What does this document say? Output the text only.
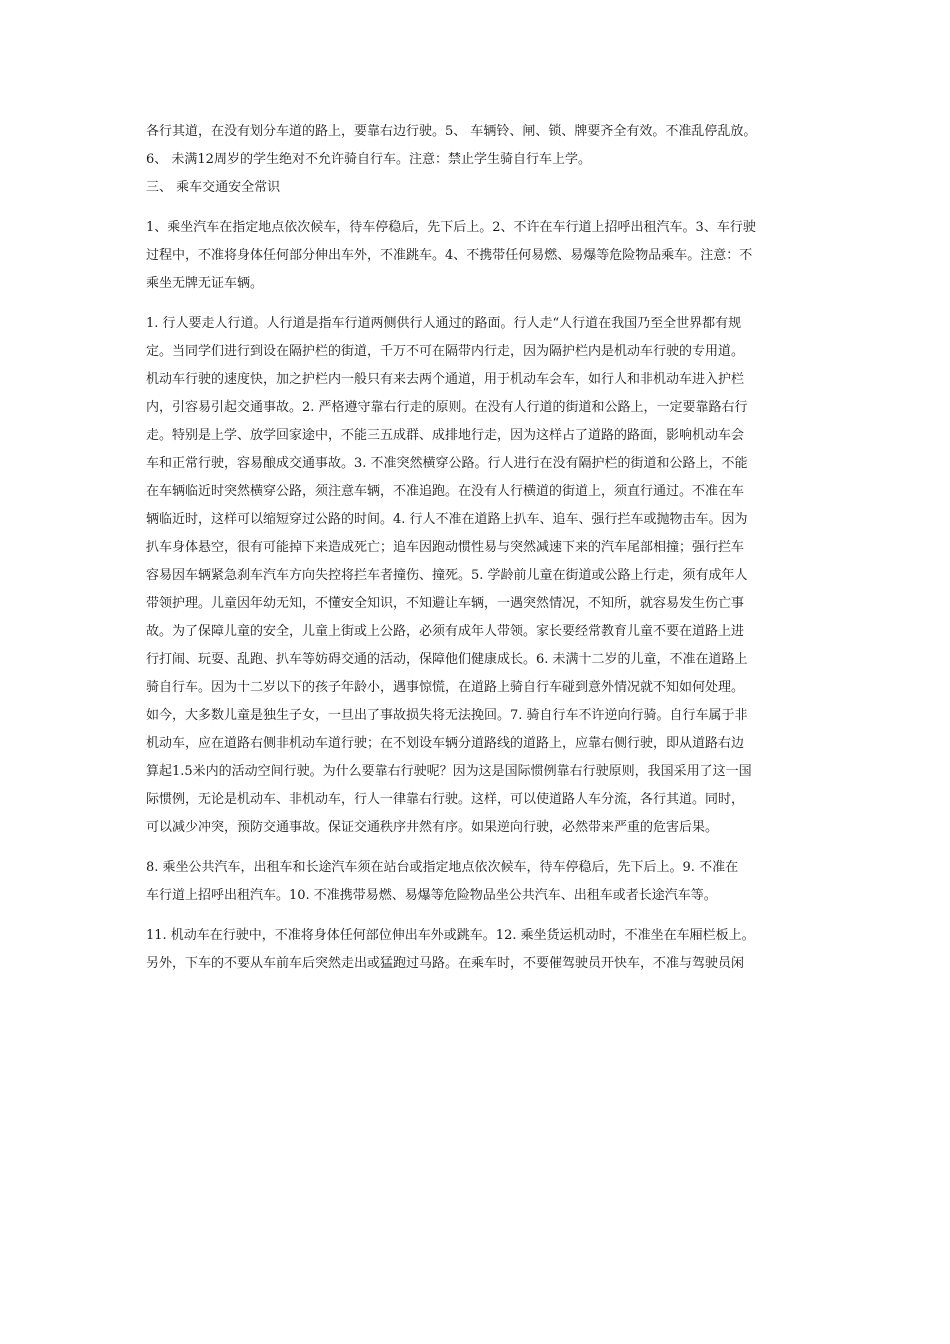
各行其道，在没有划分车道的路上，要靠右边行驶。5、 车辆铃、闸、锁、牌要齐全有效。不准乱停乱放。
6、 未满12周岁的学生绝对不允许骑自行车。注意：禁止学生骑自行车上学。

三、 乘车交通安全常识

1、乘坐汽车在指定地点依次候车，待车停稳后，先下后上。2、不许在车行道上招呼出租汽车。3、车行驶
过程中，不准将身体任何部分伸出车外，不准跳车。4、不携带任何易燃、易爆等危险物品乘车。注意：不
乘坐无牌无证车辆。

1. 行人要走人行道。人行道是指车行道两侧供行人通过的路面。行人走“人行道在我国乃至全世界都有规
定。当同学们进行到设在隔护栏的街道，千万不可在隔带内行走，因为隔护栏内是机动车行驶的专用道。
机动车行驶的速度快，加之护栏内一般只有来去两个通道，用于机动车会车，如行人和非机动车进入护栏
内，引容易引起交通事故。2. 严格遵守靠右行走的原则。在没有人行道的街道和公路上，一定要靠路右行
走。特别是上学、放学回家途中，不能三五成群、成排地行走，因为这样占了道路的路面，影响机动车会
车和正常行驶，容易酿成交通事故。3. 不准突然横穿公路。行人进行在没有隔护栏的街道和公路上，不能
在车辆临近时突然横穿公路，须注意车辆，不准追跑。在没有人行横道的街道上，须直行通过。不准在车
辆临近时，这样可以缩短穿过公路的时间。4. 行人不准在道路上扒车、追车、强行拦车或抛物击车。因为
扒车身体悬空，很有可能掉下来造成死亡；追车因跑动惯性易与突然减速下来的汽车尾部相撞；强行拦车
容易因车辆紧急刹车汽车方向失控将拦车者撞伤、撞死。5. 学龄前儿童在街道或公路上行走，须有成年人
带领护理。儿童因年幼无知，不懂安全知识，不知避让车辆，一遇突然情况，不知所，就容易发生伤亡事
故。为了保障儿童的安全，儿童上街或上公路，必须有成年人带领。家长要经常教育儿童不要在道路上进
行打闹、玩耍、乱跑、扒车等妨碍交通的活动，保障他们健康成长。6. 未满十二岁的儿童，不准在道路上
骑自行车。因为十二岁以下的孩子年龄小，遇事惊慌，在道路上骑自行车碰到意外情况就不知如何处理。
如今，大多数儿童是独生子女，一旦出了事故损失将无法挽回。7. 骑自行车不许逆向行骑。自行车属于非
机动车，应在道路右侧非机动车道行驶；在不划设车辆分道路线的道路上，应靠右侧行驶，即从道路右边
算起1.5米内的活动空间行驶。为什么要靠右行驶呢？因为这是国际惯例靠右行驶原则，我国采用了这一国
际惯例，无论是机动车、非机动车，行人一律靠右行驶。这样，可以使道路人车分流，各行其道。同时，
可以减少冲突，预防交通事故。保证交通秩序井然有序。如果逆向行驶，必然带来严重的危害后果。

8. 乘坐公共汽车，出租车和长途汽车须在站台或指定地点依次候车，待车停稳后，先下后上。9. 不准在
车行道上招呼出租汽车。10. 不准携带易燃、易爆等危险物品坐公共汽车、出租车或者长途汽车等。

11. 机动车在行驶中，不准将身体任何部位伸出车外或跳车。12. 乘坐货运机动时，不准坐在车厢栏板上。
另外，下车的不要从车前车后突然走出或猛跑过马路。在乘车时，不要催驾驶员开快车，不准与驾驶员闲
